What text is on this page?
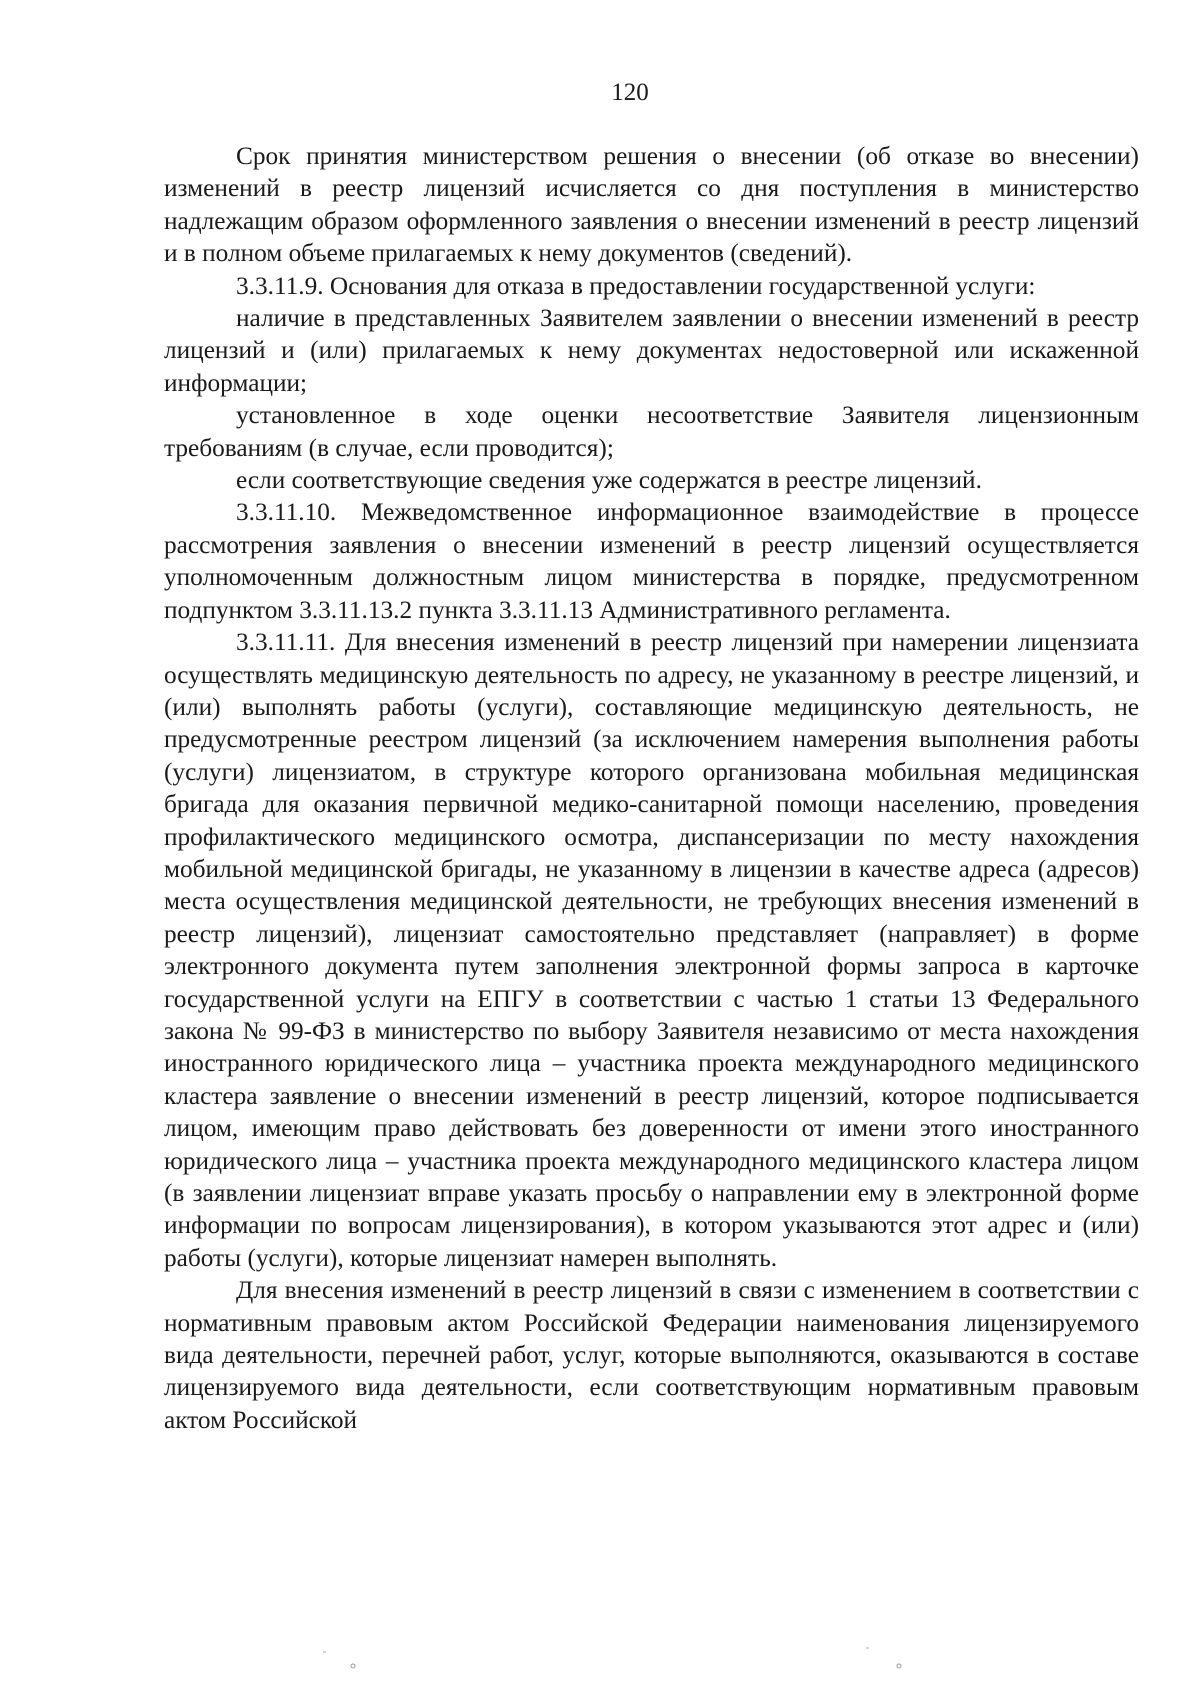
120

Срок принятия министерством решения о внесении (об отказе во внесении) изменений в реестр лицензий исчисляется со дня поступления в министерство надлежащим образом оформленного заявления о внесении изменений в реестр лицензий и в полном объеме прилагаемых к нему документов (сведений).

3.3.11.9. Основания для отказа в предоставлении государственной услуги:

наличие в представленных Заявителем заявлении о внесении изменений в реестр лицензий и (или) прилагаемых к нему документах недостоверной или искаженной информации;

установленное в ходе оценки несоответствие Заявителя лицензионным требованиям (в случае, если проводится);

если соответствующие сведения уже содержатся в реестре лицензий.

3.3.11.10. Межведомственное информационное взаимодействие в процессе рассмотрения заявления о внесении изменений в реестр лицензий осуществляется уполномоченным должностным лицом министерства в порядке, предусмотренном подпунктом 3.3.11.13.2 пункта 3.3.11.13 Административного регламента.

3.3.11.11. Для внесения изменений в реестр лицензий при намерении лицензиата осуществлять медицинскую деятельность по адресу, не указанному в реестре лицензий, и (или) выполнять работы (услуги), составляющие медицинскую деятельность, не предусмотренные реестром лицензий (за исключением намерения выполнения работы (услуги) лицензиатом, в структуре которого организована мобильная медицинская бригада для оказания первичной медико-санитарной помощи населению, проведения профилактического медицинского осмотра, диспансеризации по месту нахождения мобильной медицинской бригады, не указанному в лицензии в качестве адреса (адресов) места осуществления медицинской деятельности, не требующих внесения изменений в реестр лицензий), лицензиат самостоятельно представляет (направляет) в форме электронного документа путем заполнения электронной формы запроса в карточке государственной услуги на ЕПГУ в соответствии с частью 1 статьи 13 Федерального закона № 99-ФЗ в министерство по выбору Заявителя независимо от места нахождения иностранного юридического лица – участника проекта международного медицинского кластера заявление о внесении изменений в реестр лицензий, которое подписывается лицом, имеющим право действовать без доверенности от имени этого иностранного юридического лица – участника проекта международного медицинского кластера лицом (в заявлении лицензиат вправе указать просьбу о направлении ему в электронной форме информации по вопросам лицензирования), в котором указываются этот адрес и (или) работы (услуги), которые лицензиат намерен выполнять.

Для внесения изменений в реестр лицензий в связи с изменением в соответствии с нормативным правовым актом Российской Федерации наименования лицензируемого вида деятельности, перечней работ, услуг, которые выполняются, оказываются в составе лицензируемого вида деятельности, если соответствующим нормативным правовым актом Российской
